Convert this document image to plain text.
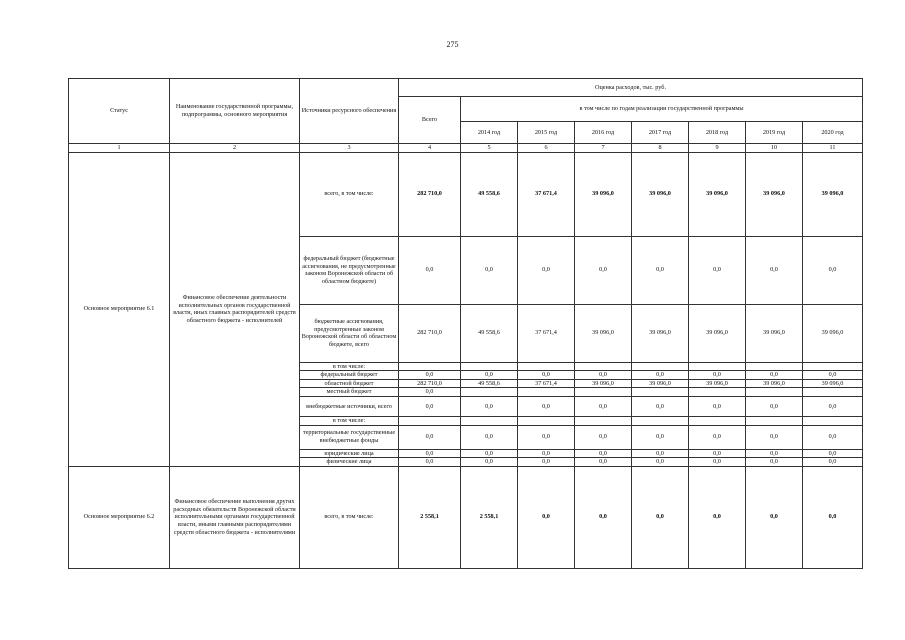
275
Статус	Наименование государственной программы, подпрограммы, основного мероприятия	Источники ресурсного обеспечения	Оценка расходов, тыс. руб.							
			Всего	в том числе по годам реализации государственной программы						
				2014 год	2015 год	2016 год	2017 год	2018 год	2019 год	2020 год
1	2	3	4	5	6	7	8	9	10	11
Основное мероприятие 6.1	Финансовое обеспечение деятельности исполнительных органов государственной власти, иных главных распорядителей средств областного бюджета - исполнителей	всего, в том числе:	282 710,0	49 558,6	37 671,4	39 096,0	39 096,0	39 096,0	39 096,0	39 096,0
		федеральный бюджет (бюджетные ассигнования, не предусмотренные законом Воронежской области об областном бюджете)	0,0	0,0	0,0	0,0	0,0	0,0	0,0	0,0
		бюджетные ассигнования, предусмотренные законом Воронежской области об областном бюджете, всего	282 710,0	49 558,6	37 671,4	39 096,0	39 096,0	39 096,0	39 096,0	39 096,0
		в том числе:								
		федеральный бюджет	0,0	0,0	0,0	0,0	0,0	0,0	0,0	0,0
		областной бюджет	282 710,0	49 558,6	37 671,4	39 096,0	39 096,0	39 096,0	39 096,0	39 096,0
		местный бюджет	0,0							
		внебюджетные источники, всего	0,0	0,0	0,0	0,0	0,0	0,0	0,0	0,0
		в том числе:								
		территориальные государственные внебюджетные фонды	0,0	0,0	0,0	0,0	0,0	0,0	0,0	0,0
		юридические лица	0,0	0,0	0,0	0,0	0,0	0,0	0,0	0,0
		физические лица	0,0	0,0	0,0	0,0	0,0	0,0	0,0	0,0
Основное мероприятие 6.2	Финансовое обеспечение выполнения других расходных обязательств Воронежской области исполнительными органами государственной власти, иными главными распорядителями средств областного бюджета - исполнителями	всего, в том числе:	2 558,1	2 558,1	0,0	0,0	0,0	0,0	0,0	0,0
